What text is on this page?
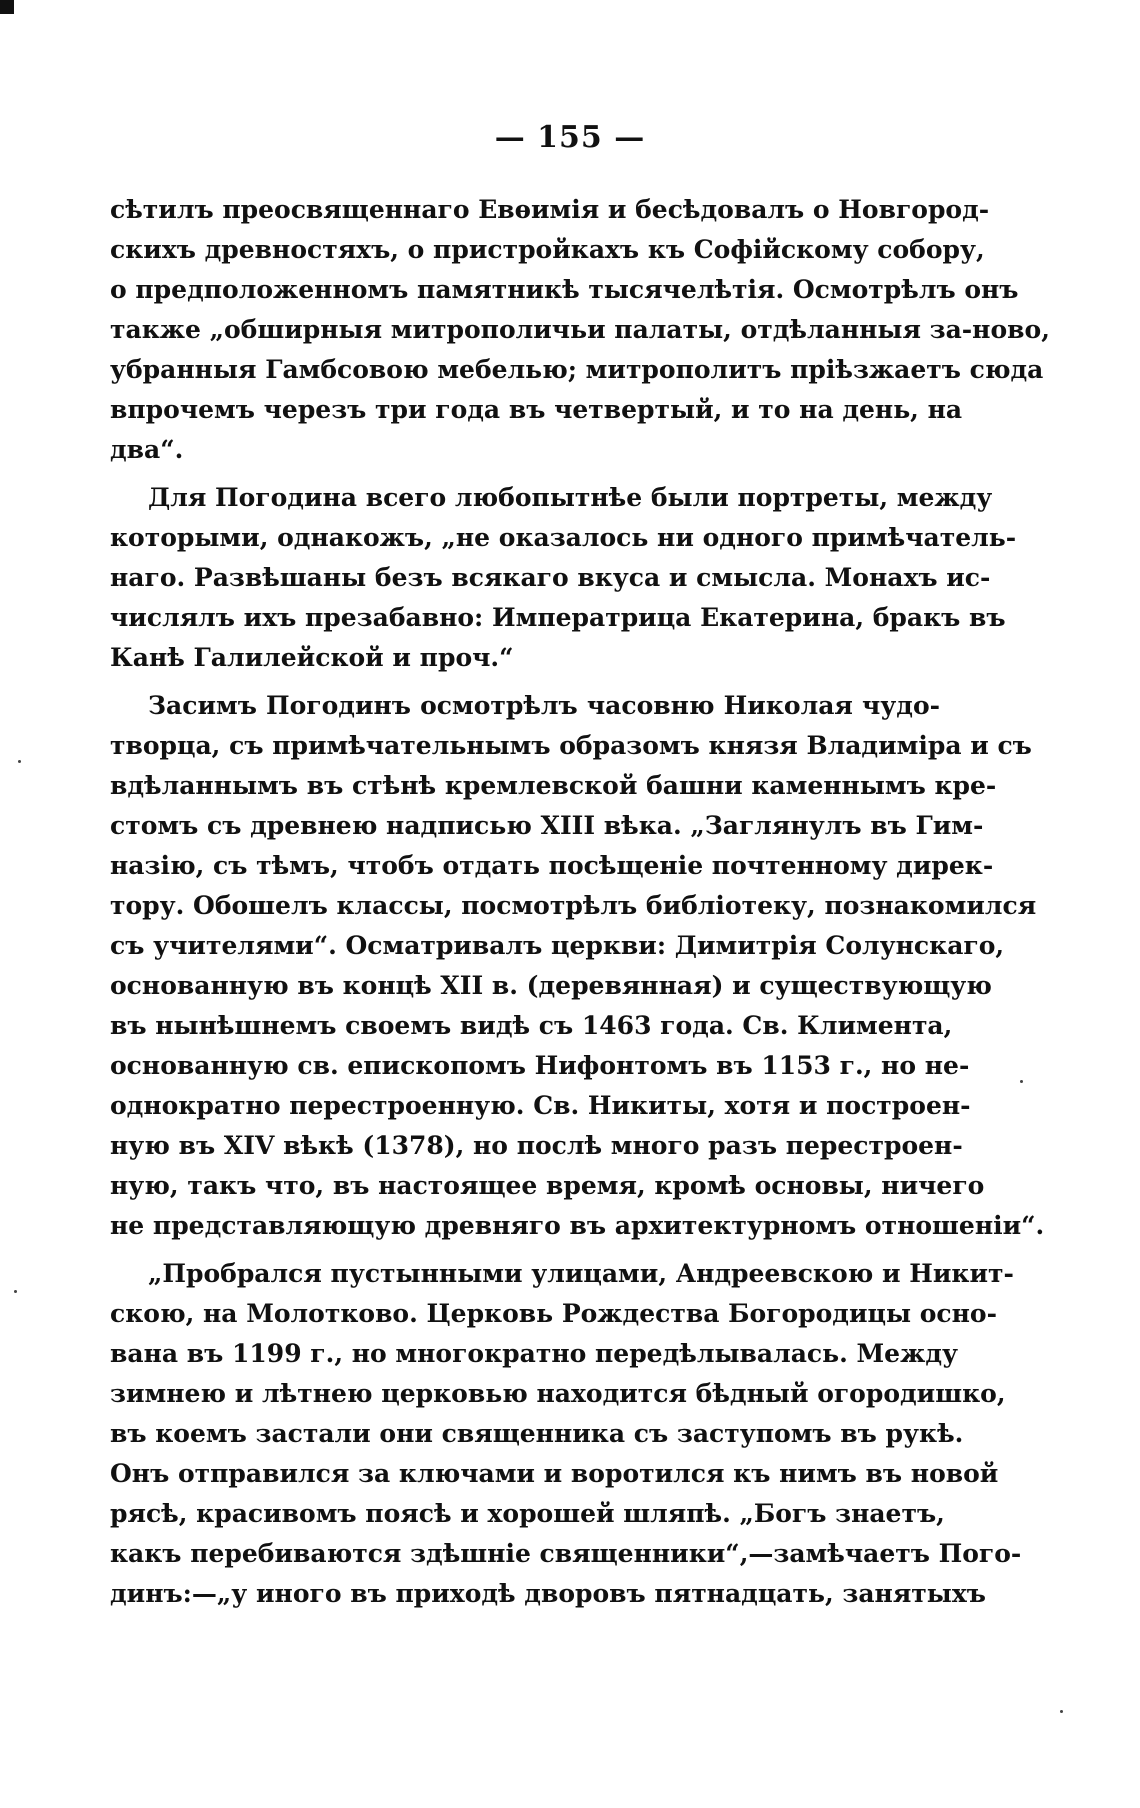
— 155 —
сѣтилъ преосвященнаго Евѳимія и бесѣдовалъ о Новгород-
скихъ древностяхъ, о пристройкахъ къ Софійскому собору,
о предположенномъ памятникѣ тысячелѣтія. Осмотрѣлъ онъ
также „обширныя митрополичьи палаты, отдѣланныя за-ново,
убранныя Гамбсовою мебелью; митрополитъ пріѣзжаетъ сюда
впрочемъ черезъ три года въ четвертый, и то на день, на
два“.
Для Погодина всего любопытнѣе были портреты, между
которыми, однакожъ, „не оказалось ни одного примѣчатель-
наго. Развѣшаны безъ всякаго вкуса и смысла. Монахъ ис-
числялъ ихъ презабавно: Императрица Екатерина, бракъ въ
Канѣ Галилейской и проч.“
Засимъ Погодинъ осмотрѣлъ часовню Николая чудо-
творца, съ примѣчательнымъ образомъ князя Владиміра и съ
вдѣланнымъ въ стѣнѣ кремлевской башни каменнымъ кре-
стомъ съ древнею надписью XIII вѣка. „Заглянулъ въ Гим-
назію, съ тѣмъ, чтобъ отдать посѣщеніе почтенному дирек-
тору. Обошелъ классы, посмотрѣлъ библіотеку, познакомился
съ учителями“. Осматривалъ церкви: Димитрія Солунскаго,
основанную въ концѣ XII в. (деревянная) и существующую
въ нынѣшнемъ своемъ видѣ съ 1463 года. Св. Климента,
основанную св. епископомъ Нифонтомъ въ 1153 г., но не-
однократно перестроенную. Св. Никиты, хотя и построен-
ную въ XIV вѣкѣ (1378), но послѣ много разъ перестроен-
ную, такъ что, въ настоящее время, кромѣ основы, ничего
не представляющую древняго въ архитектурномъ отношеніи“.
„Пробрался пустынными улицами, Андреевскою и Никит-
скою, на Молотково. Церковь Рождества Богородицы осно-
вана въ 1199 г., но многократно передѣлывалась. Между
зимнею и лѣтнею церковью находится бѣдный огородишко,
въ коемъ застали они священника съ заступомъ въ рукѣ.
Онъ отправился за ключами и воротился къ нимъ въ новой
рясѣ, красивомъ поясѣ и хорошей шляпѣ. „Богъ знаетъ,
какъ перебиваются здѣшніе священники“,—замѣчаетъ Пого-
динъ:—„у иного въ приходѣ дворовъ пятнадцать, занятыхъ
